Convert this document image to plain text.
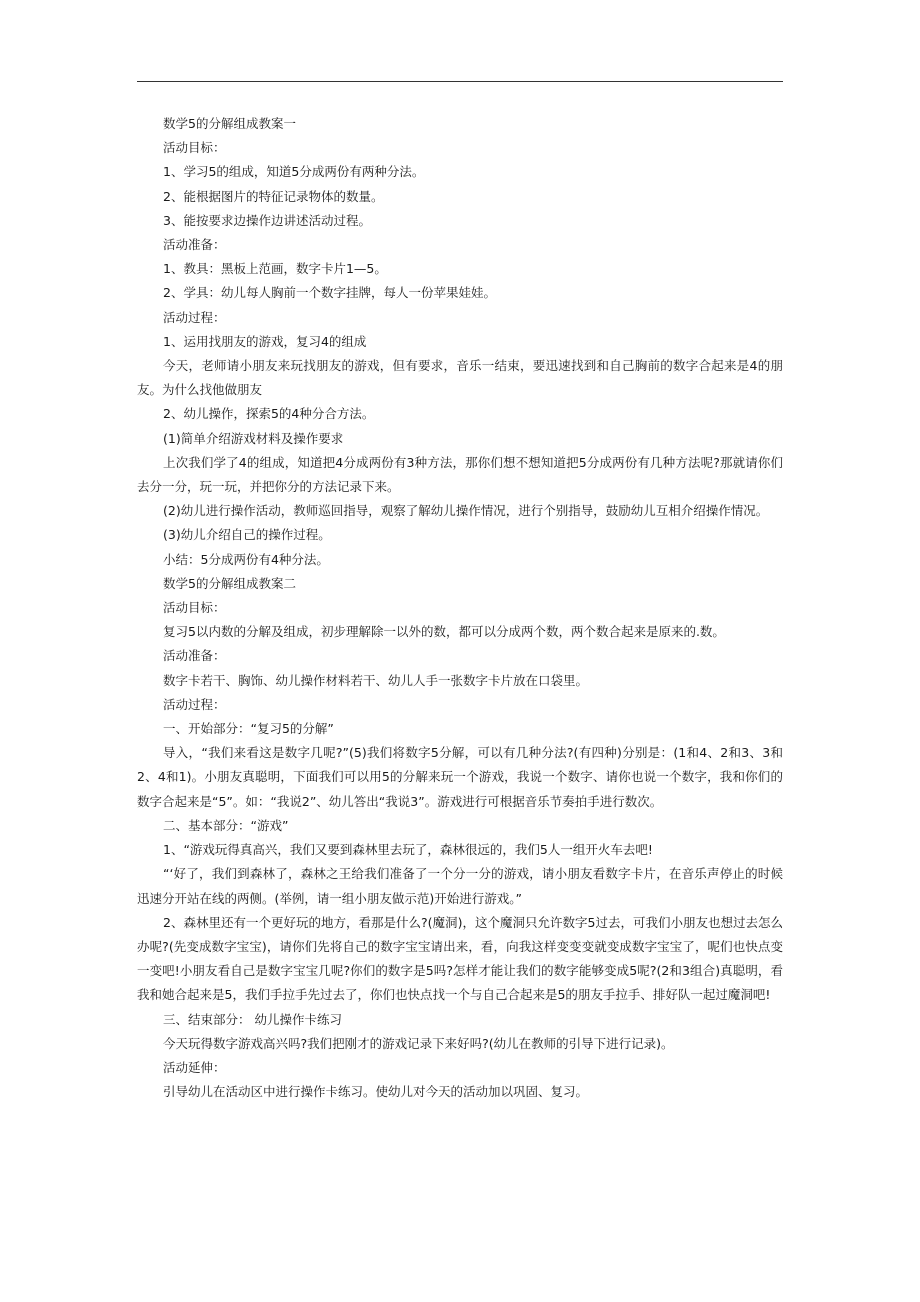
数学5的分解组成教案一
活动目标：
1、学习5的组成，知道5分成两份有两种分法。
2、能根据图片的特征记录物体的数量。
3、能按要求边操作边讲述活动过程。
活动准备：
1、教具：黑板上范画，数字卡片1—5。
2、学具：幼儿每人胸前一个数字挂牌，每人一份苹果娃娃。
活动过程：
1、运用找朋友的游戏，复习4的组成
今天，老师请小朋友来玩找朋友的游戏，但有要求，音乐一结束，要迅速找到和自己胸前的数字合起来是4的朋友。为什么找他做朋友
2、幼儿操作，探索5的4种分合方法。
(1)简单介绍游戏材料及操作要求
上次我们学了4的组成，知道把4分成两份有3种方法，那你们想不想知道把5分成两份有几种方法呢?那就请你们去分一分，玩一玩，并把你分的方法记录下来。
(2)幼儿进行操作活动，教师巡回指导，观察了解幼儿操作情况，进行个别指导，鼓励幼儿互相介绍操作情况。
(3)幼儿介绍自己的操作过程。
小结：5分成两份有4种分法。
数学5的分解组成教案二
活动目标：
复习5以内数的分解及组成，初步理解除一以外的数，都可以分成两个数，两个数合起来是原来的.数。
活动准备：
数字卡若干、胸饰、幼儿操作材料若干、幼儿人手一张数字卡片放在口袋里。
活动过程：
一、开始部分：“复习5的分解”
导入，“我们来看这是数字几呢?”(5)我们将数字5分解，可以有几种分法?(有四种)分别是：(1和4、2和3、3和2、4和1)。小朋友真聪明，下面我们可以用5的分解来玩一个游戏，我说一个数字、请你也说一个数字，我和你们的数字合起来是“5”。如：“我说2”、幼儿答出“我说3”。游戏进行可根据音乐节奏拍手进行数次。
二、基本部分：“游戏”
1、“游戏玩得真高兴，我们又要到森林里去玩了，森林很远的，我们5人一组开火车去吧!
“‘好了，我们到森林了，森林之王给我们准备了一个分一分的游戏，请小朋友看数字卡片，在音乐声停止的时候迅速分开站在线的两侧。(举例，请一组小朋友做示范)开始进行游戏。”
2、森林里还有一个更好玩的地方，看那是什么?(魔洞)，这个魔洞只允许数字5过去，可我们小朋友也想过去怎么办呢?(先变成数字宝宝)，请你们先将自己的数字宝宝请出来，看，向我这样变变变就变成数字宝宝了，呢们也快点变一变吧!小朋友看自己是数字宝宝几呢?你们的数字是5吗?怎样才能让我们的数字能够变成5呢?(2和3组合)真聪明，看我和她合起来是5，我们手拉手先过去了，你们也快点找一个与自己合起来是5的朋友手拉手、排好队一起过魔洞吧!
三、结束部分： 幼儿操作卡练习
今天玩得数字游戏高兴吗?我们把刚才的游戏记录下来好吗?(幼儿在教师的引导下进行记录)。
活动延伸：
引导幼儿在活动区中进行操作卡练习。使幼儿对今天的活动加以巩固、复习。
